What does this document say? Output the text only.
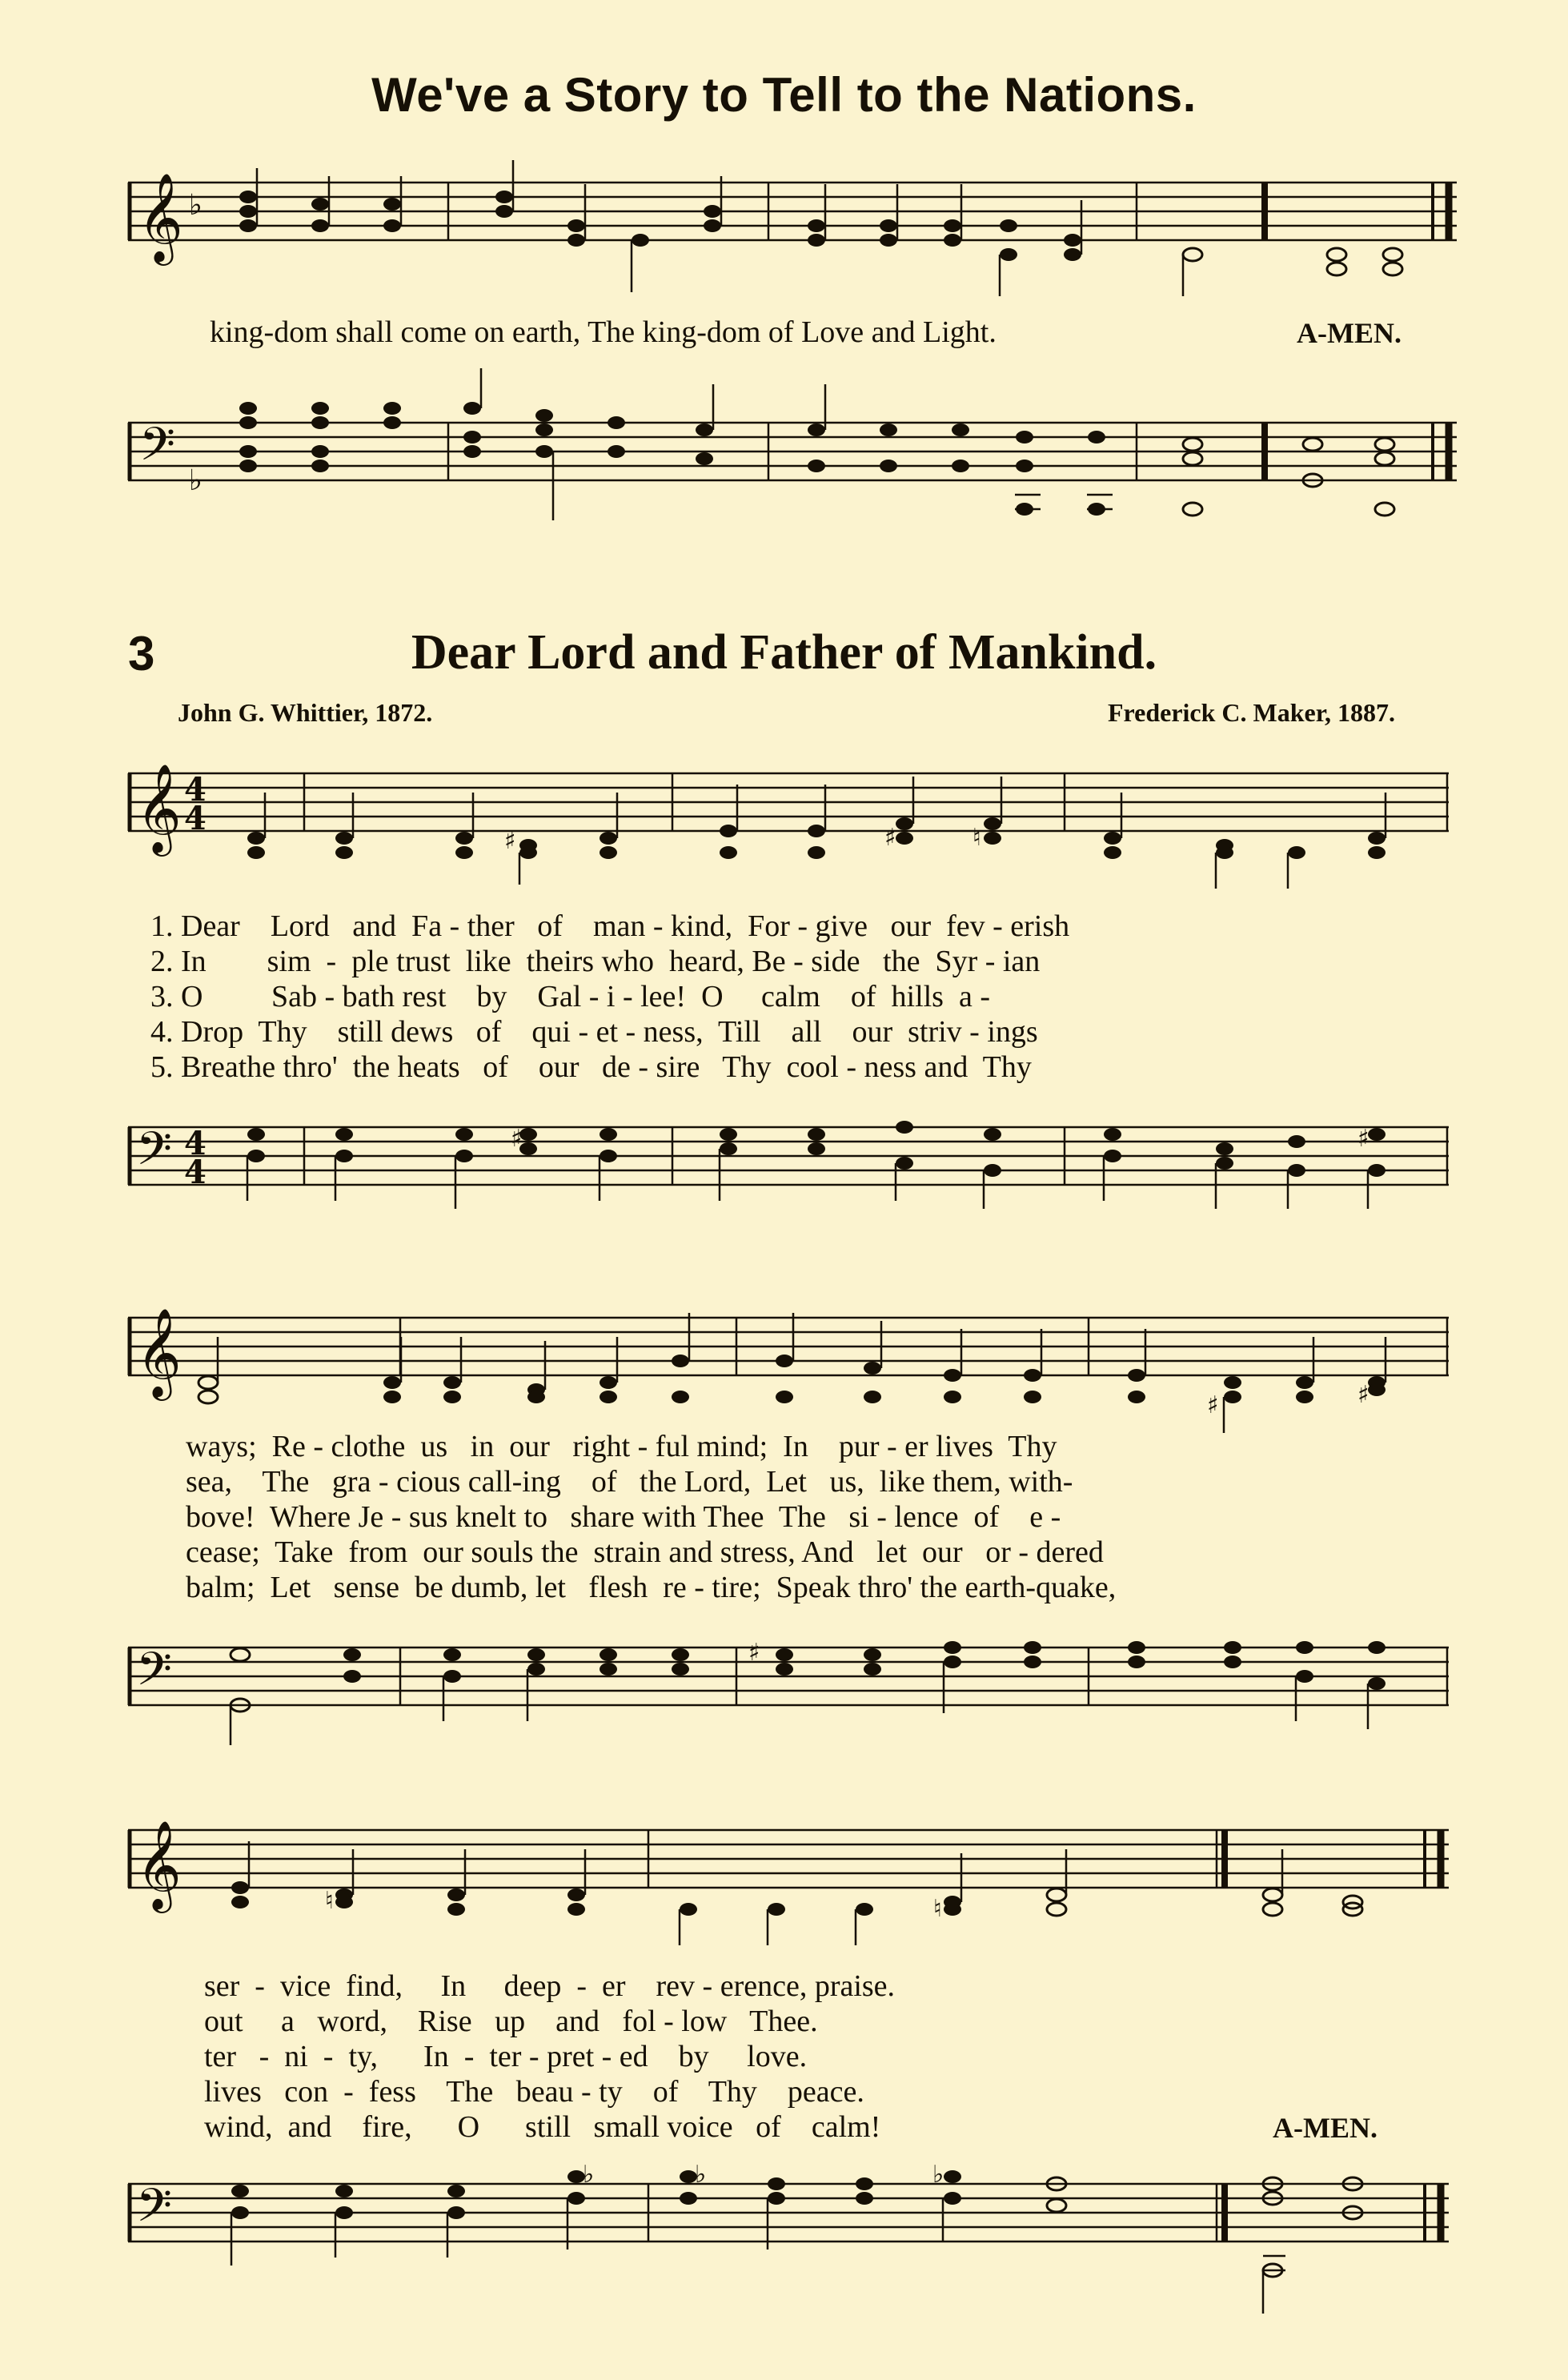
We've a Story to Tell to the Nations.
𝄞 ♭
king-dom shall come on earth, The king-dom of Love and Light.	A-MEN.
𝄢 ♭
3	Dear Lord and Father of Mankind.
John G. Whittier, 1872.	Frederick C. Maker, 1887.
𝄞 4
4
♯	♯	♮
1. Dear    Lord   and  Fa - ther   of    man - kind,  For - give   our  fev - erish
2. In        sim  -  ple trust  like  theirs who  heard, Be - side   the  Syr - ian
3. O         Sab - bath rest    by    Gal - i - lee!  O     calm    of  hills  a -
4. Drop  Thy    still dews   of    qui - et - ness,  Till    all    our  striv - ings
5. Breathe thro'  the heats   of    our   de - sire   Thy  cool - ness and  Thy
𝄢 4
4
♯	♯
𝄞
♯	♯
ways;  Re - clothe  us   in  our   right - ful mind;  In    pur - er lives  Thy
sea,    The   gra - cious call-ing    of   the Lord,  Let   us,  like them, with-
bove!  Where Je - sus knelt to   share with Thee  The   si - lence  of    e -
cease;  Take  from  our souls the  strain and stress, And   let  our   or - dered
balm;  Let   sense  be dumb, let   flesh  re - tire;  Speak thro' the earth-quake,
𝄢	♯
𝄞	♮	♮
ser  -  vice  find,     In     deep  -  er    rev - erence, praise.
out     a   word,    Rise   up    and   fol - low   Thee.
ter   -  ni  -  ty,      In  -  ter - pret - ed    by     love.
lives   con  -  fess    The   beau - ty    of    Thy    peace.
wind,  and    fire,      O      still   small voice   of    calm!	A-MEN.
𝄢
♭	♭	♭
